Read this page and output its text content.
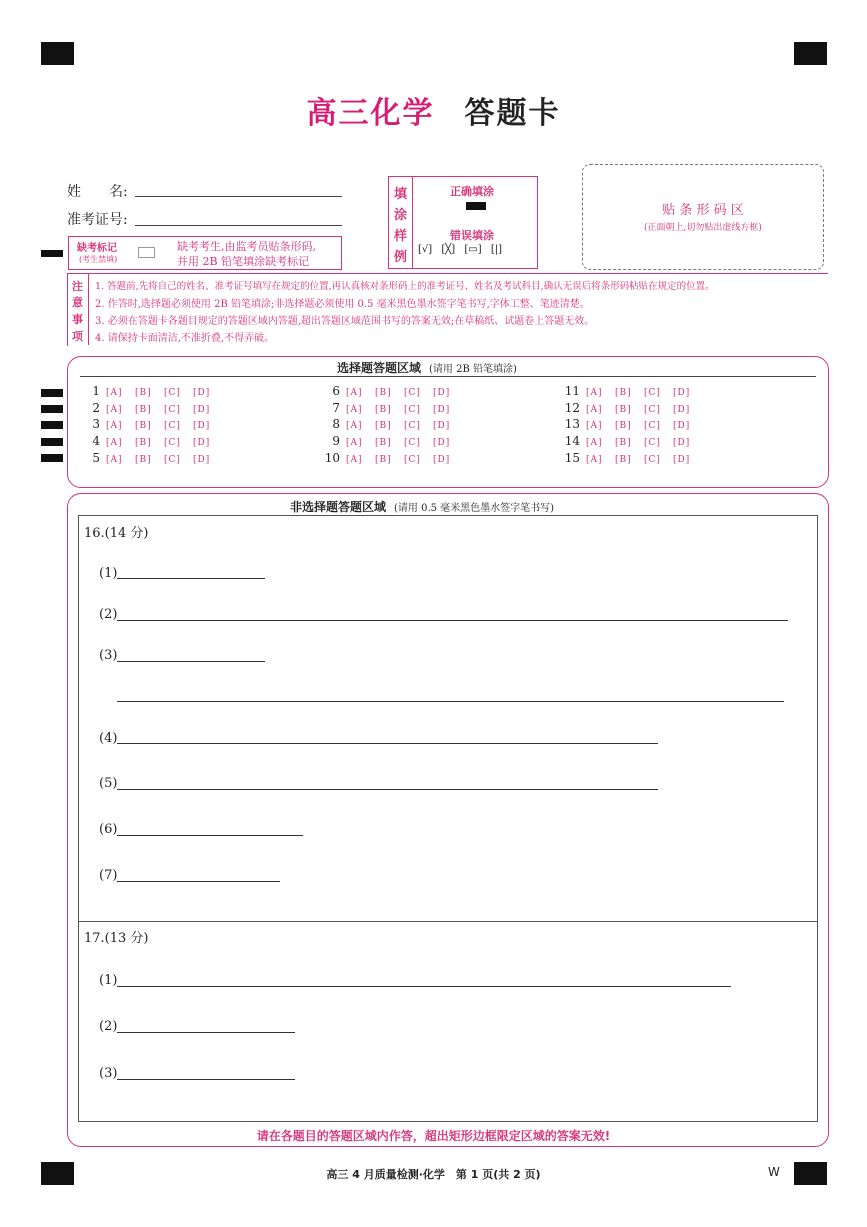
高三化学 答题卡
姓　　名:
准考证号:
缺考标记
(考生禁填)
缺考考生,由监考员贴条形码,
并用 2B 铅笔填涂缺考标记
填
涂
样
例
正确填涂
错误填涂
[√] [╳] [▭] [|]
贴 条 形 码 区
(正面朝上,切勿贴出虚线方框)
注
意
事
项
1. 答题前,先将自己的姓名、准考证号填写在规定的位置,再认真核对条形码上的准考证号、姓名及考试科目,确认无误后将条形码粘贴在规定的位置。
2. 作答时,选择题必须使用 2B 铅笔填涂;非选择题必须使用 0.5 毫米黑色墨水签字笔书写,字体工整、笔迹清楚。
3. 必须在答题卡各题目规定的答题区域内答题,超出答题区域范围书写的答案无效;在草稿纸、试题卷上答题无效。
4. 请保持卡面清洁,不准折叠,不得弄破。
选择题答题区域 (请用 2B 铅笔填涂)
1 [A] [B] [C] [D]
2 [A] [B] [C] [D]
3 [A] [B] [C] [D]
4 [A] [B] [C] [D]
5 [A] [B] [C] [D]
6 [A] [B] [C] [D]
7 [A] [B] [C] [D]
8 [A] [B] [C] [D]
9 [A] [B] [C] [D]
10 [A] [B] [C] [D]
11 [A] [B] [C] [D]
12 [A] [B] [C] [D]
13 [A] [B] [C] [D]
14 [A] [B] [C] [D]
15 [A] [B] [C] [D]
非选择题答题区域 (请用 0.5 毫米黑色墨水签字笔书写)
16.(14 分)
(1)
(2)
(3)
(4)
(5)
(6)
(7)
17.(13 分)
(1)
(2)
(3)
请在各题目的答题区域内作答，超出矩形边框限定区域的答案无效!
高三 4 月质量检测·化学　第 1 页(共 2 页)	W
